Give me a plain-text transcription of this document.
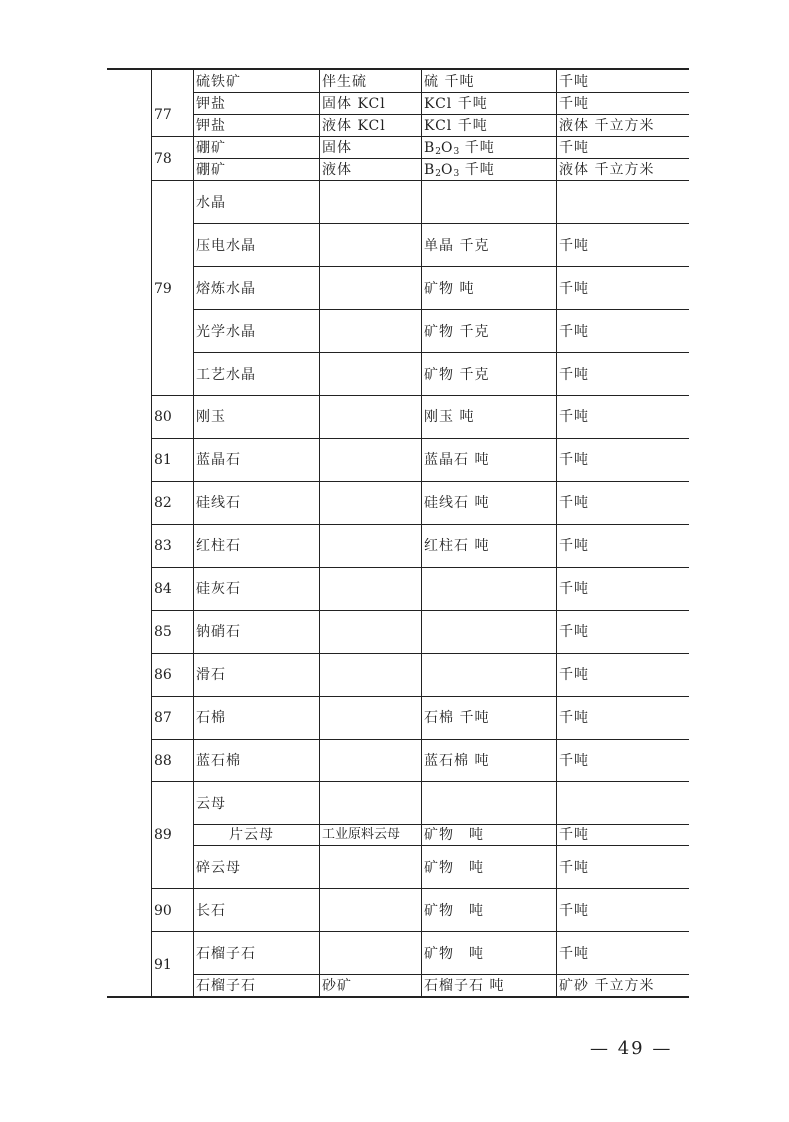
77
78
79
80
81
82
83
84
85
86
87
88
89
90
91
硫铁矿
钾盐
钾盐
硼矿
硼矿
水晶
压电水晶
熔炼水晶
光学水晶
工艺水晶
刚玉
蓝晶石
硅线石
红柱石
硅灰石
钠硝石
滑石
石棉
蓝石棉
云母
片云母
碎云母
长石
石榴子石
石榴子石
伴生硫
固体 KCl
液体 KCl
固体
液体
工业原料云母
砂矿
硫 千吨
KCl 千吨
KCl 千吨
$B_2O_3$ 千吨
$B_2O_3$ 千吨
单晶 千克
矿物 吨
矿物 千克
矿物 千克
刚玉 吨
蓝晶石 吨
硅线石 吨
红柱石 吨
石棉 千吨
蓝石棉 吨
矿物　吨
矿物　吨
矿物　吨
矿物　吨
石榴子石 吨
千吨
千吨
液体 千立方米
千吨
液体 千立方米
千吨
千吨
千吨
千吨
千吨
千吨
千吨
千吨
千吨
千吨
千吨
千吨
千吨
千吨
千吨
千吨
千吨
矿砂 千立方米
— 49 —
